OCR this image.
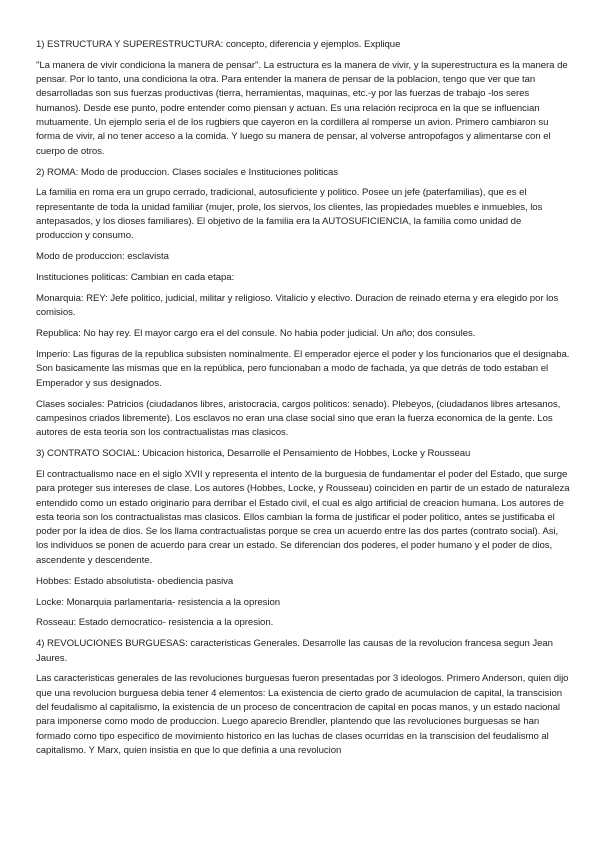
1) ESTRUCTURA Y SUPERESTRUCTURA: concepto, diferencia y ejemplos. Explique

"La manera de vivir condiciona la manera de pensar". La estructura es la manera de vivir, y la superestructura es la manera de pensar. Por lo tanto, una condiciona la otra. Para entender la manera de pensar de la poblacion, tengo que ver que tan desarrolladas son sus fuerzas productivas (tierra, herramientas, maquinas, etc.-y por las fuerzas de trabajo -los seres humanos). Desde ese punto, podre entender como piensan y actuan. Es una relación reciproca en la que se influencian mutuamente. Un ejemplo seria el de los rugbiers que cayeron en la cordillera al romperse un avion. Primero cambiaron su forma de vivir, al no tener acceso a la comida. Y luego su manera de pensar, al volverse antropofagos y alimentarse con el cuerpo de otros.

2) ROMA: Modo de produccion. Clases sociales e Instituciones politicas

La familia en roma era un grupo cerrado, tradicional, autosuficiente y politico. Posee un jefe (paterfamilias), que es el representante de toda la unidad familiar (mujer, prole, los siervos, los clientes, las propiedades muebles e inmuebles, los antepasados, y los dioses familiares). El objetivo de la familia era la AUTOSUFICIENCIA, la familia como unidad de produccion y consumo.

Modo de produccion: esclavista

Instituciones politicas: Cambian en cada etapa:

Monarquia: REY: Jefe politico, judicial, militar y religioso. Vitalicio y electivo. Duracion de reinado eterna y era elegido por los comisios.

Republica: No hay rey. El mayor cargo era el del consule. No habia poder judicial. Un año; dos consules.

Imperio: Las figuras de la republica subsisten nominalmente. El emperador ejerce el poder y los funcionarios que el designaba. Son basicamente las mismas que en la república, pero funcionaban a modo de fachada, ya que detrás de todo estaban el Emperador y sus designados.

Clases sociales: Patricios (ciudadanos libres, aristocracia, cargos politicos: senado). Plebeyos, (ciudadanos libres artesanos, campesinos criados libremente). Los esclavos no eran una clase social sino que eran la fuerza economica de la gente. Los autores de esta teoria son los contractualistas mas clasicos.

3) CONTRATO SOCIAL: Ubicacion historica, Desarrolle el Pensamiento de Hobbes, Locke y Rousseau

El contractualismo nace en el siglo XVII y representa el intento de la burguesia de fundamentar el poder del Estado, que surge para proteger sus intereses de clase. Los autores (Hobbes, Locke, y Rousseau) coinciden en partir de un estado de naturaleza entendido como un estado originario para derribar el Estado civil, el cual es algo artificial de creacion humana. Los autores de esta teoria son los contractualistas mas clasicos. Ellos cambian la forma de justificar el poder politico, antes se justificaba el poder por la idea de dios. Se los llama contractualistas porque se crea un acuerdo entre las dos partes (contrato social). Asi, los individuos se ponen de acuerdo para crear un estado. Se diferencian dos poderes, el poder humano y el poder de dios, ascendente y descendente.

Hobbes: Estado absolutista- obediencia pasiva

Locke: Monarquia parlamentaria- resistencia a la opresion

Rosseau: Estado democratico- resistencia a la opresion.

4) REVOLUCIONES BURGUESAS: caracteristicas Generales. Desarrolle las causas de la revolucion francesa segun Jean Jaures.

Las caracteristicas generales de las revoluciones burguesas fueron presentadas por 3 ideologos. Primero Anderson, quien dijo que una revolucion burguesa debia tener 4 elementos: La existencia de cierto grado de acumulacion de capital, la transcision del feudalismo al capitalismo, la existencia de un proceso de concentracion de capital en pocas manos, y un estado nacional para imponerse como modo de produccion. Luego aparecio Brendler, plantendo que las revoluciones burguesas se han formado como tipo especifico de movimiento historico en las luchas de clases ocurridas en la transcision del feudalismo al capitalismo. Y Marx, quien insistia en que lo que definia a una revolucion
